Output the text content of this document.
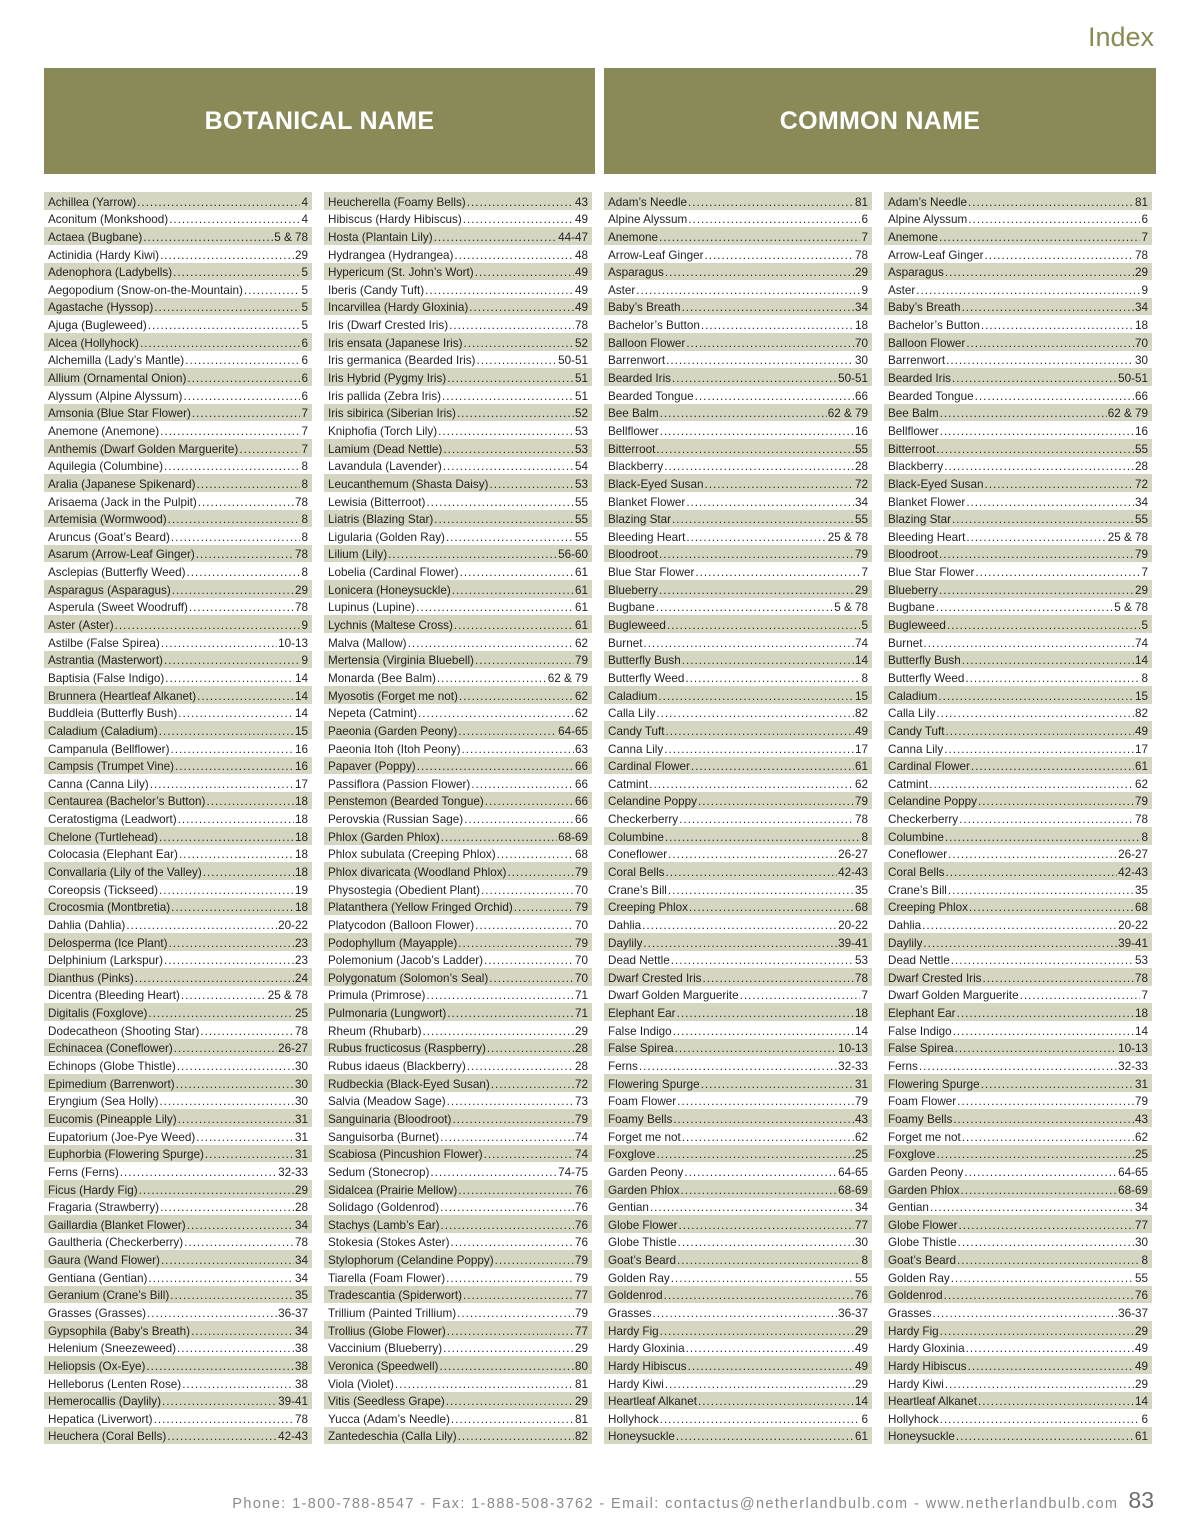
Index
BOTANICAL NAME	COMMON NAME
Achillea (Yarrow) .....	4
Aconitum (Monkshood) .....	4
Actaea (Bugbane) .....	5 & 78
Actinidia (Hardy Kiwi) .....	29
Adenophora (Ladybells) .....	5
Aegopodium (Snow-on-the-Mountain) .....	5
Agastache (Hyssop) .....	5
Ajuga (Bugleweed) .....	5
Alcea (Hollyhock) .....	6
Alchemilla (Lady’s Mantle) .....	6
Allium (Ornamental Onion) .....	6
Alyssum (Alpine Alyssum) .....	6
Amsonia (Blue Star Flower) .....	7
Anemone (Anemone) .....	7
Anthemis (Dwarf Golden Marguerite) .....	7
Aquilegia (Columbine) .....	8
Aralia (Japanese Spikenard) .....	8
Arisaema (Jack in the Pulpit) .....	78
Artemisia (Wormwood) .....	8
Aruncus (Goat’s Beard) .....	8
Asarum (Arrow-Leaf Ginger) .....	78
Asclepias (Butterfly Weed) .....	8
Asparagus (Asparagus) .....	29
Asperula (Sweet Woodruff) .....	78
Aster (Aster) .....	9
Astilbe (False Spirea) .....	10-13
Astrantia (Masterwort) .....	9
Baptisia (False Indigo) .....	14
Brunnera (Heartleaf Alkanet) .....	14
Buddleia (Butterfly Bush) .....	14
Caladium (Caladium) .....	15
Campanula (Bellflower) .....	16
Campsis (Trumpet Vine) .....	16
Canna (Canna Lily) .....	17
Centaurea (Bachelor’s Button) .....	18
Ceratostigma (Leadwort) .....	18
Chelone (Turtlehead) .....	18
Colocasia (Elephant Ear) .....	18
Convallaria (Lily of the Valley) .....	18
Coreopsis (Tickseed) .....	19
Crocosmia (Montbretia) .....	18
Dahlia (Dahlia) .....	20-22
Delosperma (Ice Plant) .....	23
Delphinium (Larkspur) .....	23
Dianthus (Pinks) .....	24
Dicentra (Bleeding Heart) .....	25 & 78
Digitalis (Foxglove) .....	25
Dodecatheon (Shooting Star) .....	78
Echinacea (Coneflower) .....	26-27
Echinops (Globe Thistle) .....	30
Epimedium (Barrenwort) .....	30
Eryngium (Sea Holly) .....	30
Eucomis (Pineapple Lily) .....	31
Eupatorium (Joe-Pye Weed) .....	31
Euphorbia (Flowering Spurge) .....	31
Ferns (Ferns) .....	32-33
Ficus (Hardy Fig) .....	29
Fragaria (Strawberry) .....	28
Gaillardia (Blanket Flower) .....	34
Gaultheria (Checkerberry) .....	78
Gaura (Wand Flower) .....	34
Gentiana (Gentian) .....	34
Geranium (Crane’s Bill) .....	35
Grasses (Grasses) .....	36-37
Gypsophila (Baby’s Breath) .....	34
Helenium (Sneezeweed) .....	38
Heliopsis (Ox-Eye) .....	38
Helleborus (Lenten Rose) .....	38
Hemerocallis (Daylily) .....	39-41
Hepatica (Liverwort) .....	78
Heuchera (Coral Bells) .....	42-43
Heucherella (Foamy Bells) .....	43
Hibiscus (Hardy Hibiscus) .....	49
Hosta (Plantain Lily) .....	44-47
Hydrangea (Hydrangea) .....	48
Hypericum (St. John’s Wort) .....	49
Iberis (Candy Tuft) .....	49
Incarvillea (Hardy Gloxinia) .....	49
Iris (Dwarf Crested Iris) .....	78
Iris ensata (Japanese Iris) .....	52
Iris germanica (Bearded Iris) .....	50-51
Iris Hybrid (Pygmy Iris) .....	51
Iris pallida (Zebra Iris) .....	51
Iris sibirica (Siberian Iris) .....	52
Kniphofia (Torch Lily) .....	53
Lamium (Dead Nettle) .....	53
Lavandula (Lavender) .....	54
Leucanthemum (Shasta Daisy) .....	53
Lewisia (Bitterroot) .....	55
Liatris (Blazing Star) .....	55
Ligularia (Golden Ray) .....	55
Lilium (Lily) .....	56-60
Lobelia (Cardinal Flower) .....	61
Lonicera (Honeysuckle) .....	61
Lupinus (Lupine) .....	61
Lychnis (Maltese Cross) .....	61
Malva (Mallow) .....	62
Mertensia (Virginia Bluebell) .....	79
Monarda (Bee Balm) .....	62 & 79
Myosotis (Forget me not) .....	62
Nepeta (Catmint) .....	62
Paeonia (Garden Peony) .....	64-65
Paeonia Itoh (Itoh Peony) .....	63
Papaver (Poppy) .....	66
Passiflora (Passion Flower) .....	66
Penstemon (Bearded Tongue) .....	66
Perovskia (Russian Sage) .....	66
Phlox (Garden Phlox) .....	68-69
Phlox subulata (Creeping Phlox) .....	68
Phlox divaricata (Woodland Phlox) .....	79
Physostegia (Obedient Plant) .....	70
Platanthera (Yellow Fringed Orchid) .....	79
Platycodon (Balloon Flower) .....	70
Podophyllum (Mayapple) .....	79
Polemonium (Jacob’s Ladder) .....	70
Polygonatum (Solomon’s Seal) .....	70
Primula (Primrose) .....	71
Pulmonaria (Lungwort) .....	71
Rheum (Rhubarb) .....	29
Rubus fructicosus (Raspberry) .....	28
Rubus idaeus (Blackberry) .....	28
Rudbeckia (Black-Eyed Susan) .....	72
Salvia (Meadow Sage) .....	73
Sanguinaria (Bloodroot) .....	79
Sanguisorba (Burnet) .....	74
Scabiosa (Pincushion Flower) .....	74
Sedum (Stonecrop) .....	74-75
Sidalcea (Prairie Mellow) .....	76
Solidago (Goldenrod) .....	76
Stachys (Lamb’s Ear) .....	76
Stokesia (Stokes Aster) .....	76
Stylophorum (Celandine Poppy) .....	79
Tiarella (Foam Flower) .....	79
Tradescantia (Spiderwort) .....	77
Trillium (Painted Trillium) .....	79
Trollius (Globe Flower) .....	77
Vaccinium (Blueberry) .....	29
Veronica (Speedwell) .....	80
Viola (Violet) .....	81
Vitis (Seedless Grape) .....	29
Yucca (Adam’s Needle) .....	81
Zantedeschia (Calla Lily) .....	82
Adam’s Needle .....	81
Alpine Alyssum .....	6
Anemone .....	7
Arrow-Leaf Ginger .....	78
Asparagus .....	29
Aster .....	9
Baby’s Breath .....	34
Bachelor’s Button .....	18
Balloon Flower .....	70
Barrenwort .....	30
Bearded Iris .....	50-51
Bearded Tongue .....	66
Bee Balm .....	62 & 79
Bellflower .....	16
Bitterroot .....	55
Blackberry .....	28
Black-Eyed Susan .....	72
Blanket Flower .....	34
Blazing Star .....	55
Bleeding Heart .....	25 & 78
Bloodroot .....	79
Blue Star Flower .....	7
Blueberry .....	29
Bugbane .....	5 & 78
Bugleweed .....	5
Burnet .....	74
Butterfly Bush .....	14
Butterfly Weed .....	8
Caladium .....	15
Calla Lily .....	82
Candy Tuft .....	49
Canna Lily .....	17
Cardinal Flower .....	61
Catmint .....	62
Celandine Poppy .....	79
Checkerberry .....	78
Columbine .....	8
Coneflower .....	26-27
Coral Bells .....	42-43
Crane’s Bill .....	35
Creeping Phlox .....	68
Dahlia .....	20-22
Daylily .....	39-41
Dead Nettle .....	53
Dwarf Crested Iris .....	78
Dwarf Golden Marguerite .....	7
Elephant Ear .....	18
False Indigo .....	14
False Spirea .....	10-13
Ferns .....	32-33
Flowering Spurge .....	31
Foam Flower .....	79
Foamy Bells .....	43
Forget me not .....	62
Foxglove .....	25
Garden Peony .....	64-65
Garden Phlox .....	68-69
Gentian .....	34
Globe Flower .....	77
Globe Thistle .....	30
Goat’s Beard .....	8
Golden Ray .....	55
Goldenrod .....	76
Grasses .....	36-37
Hardy Fig .....	29
Hardy Gloxinia .....	49
Hardy Hibiscus .....	49
Hardy Kiwi .....	29
Heartleaf Alkanet .....	14
Hollyhock .....	6
Honeysuckle .....	61
Adam’s Needle .....	81
Alpine Alyssum .....	6
Anemone .....	7
Arrow-Leaf Ginger .....	78
Asparagus .....	29
Aster .....	9
Baby’s Breath .....	34
Bachelor’s Button .....	18
Balloon Flower .....	70
Barrenwort .....	30
Bearded Iris .....	50-51
Bearded Tongue .....	66
Bee Balm .....	62 & 79
Bellflower .....	16
Bitterroot .....	55
Blackberry .....	28
Black-Eyed Susan .....	72
Blanket Flower .....	34
Blazing Star .....	55
Bleeding Heart .....	25 & 78
Bloodroot .....	79
Blue Star Flower .....	7
Blueberry .....	29
Bugbane .....	5 & 78
Bugleweed .....	5
Burnet .....	74
Butterfly Bush .....	14
Butterfly Weed .....	8
Caladium .....	15
Calla Lily .....	82
Candy Tuft .....	49
Canna Lily .....	17
Cardinal Flower .....	61
Catmint .....	62
Celandine Poppy .....	79
Checkerberry .....	78
Columbine .....	8
Coneflower .....	26-27
Coral Bells .....	42-43
Crane’s Bill .....	35
Creeping Phlox .....	68
Dahlia .....	20-22
Daylily .....	39-41
Dead Nettle .....	53
Dwarf Crested Iris .....	78
Dwarf Golden Marguerite .....	7
Elephant Ear .....	18
False Indigo .....	14
False Spirea .....	10-13
Ferns .....	32-33
Flowering Spurge .....	31
Foam Flower .....	79
Foamy Bells .....	43
Forget me not .....	62
Foxglove .....	25
Garden Peony .....	64-65
Garden Phlox .....	68-69
Gentian .....	34
Globe Flower .....	77
Globe Thistle .....	30
Goat’s Beard .....	8
Golden Ray .....	55
Goldenrod .....	76
Grasses .....	36-37
Hardy Fig .....	29
Hardy Gloxinia .....	49
Hardy Hibiscus .....	49
Hardy Kiwi .....	29
Heartleaf Alkanet .....	14
Hollyhock .....	6
Honeysuckle .....	61
Phone: 1-800-788-8547 - Fax: 1-888-508-3762 - Email: contactus@netherlandbulb.com - www.netherlandbulb.com 83
